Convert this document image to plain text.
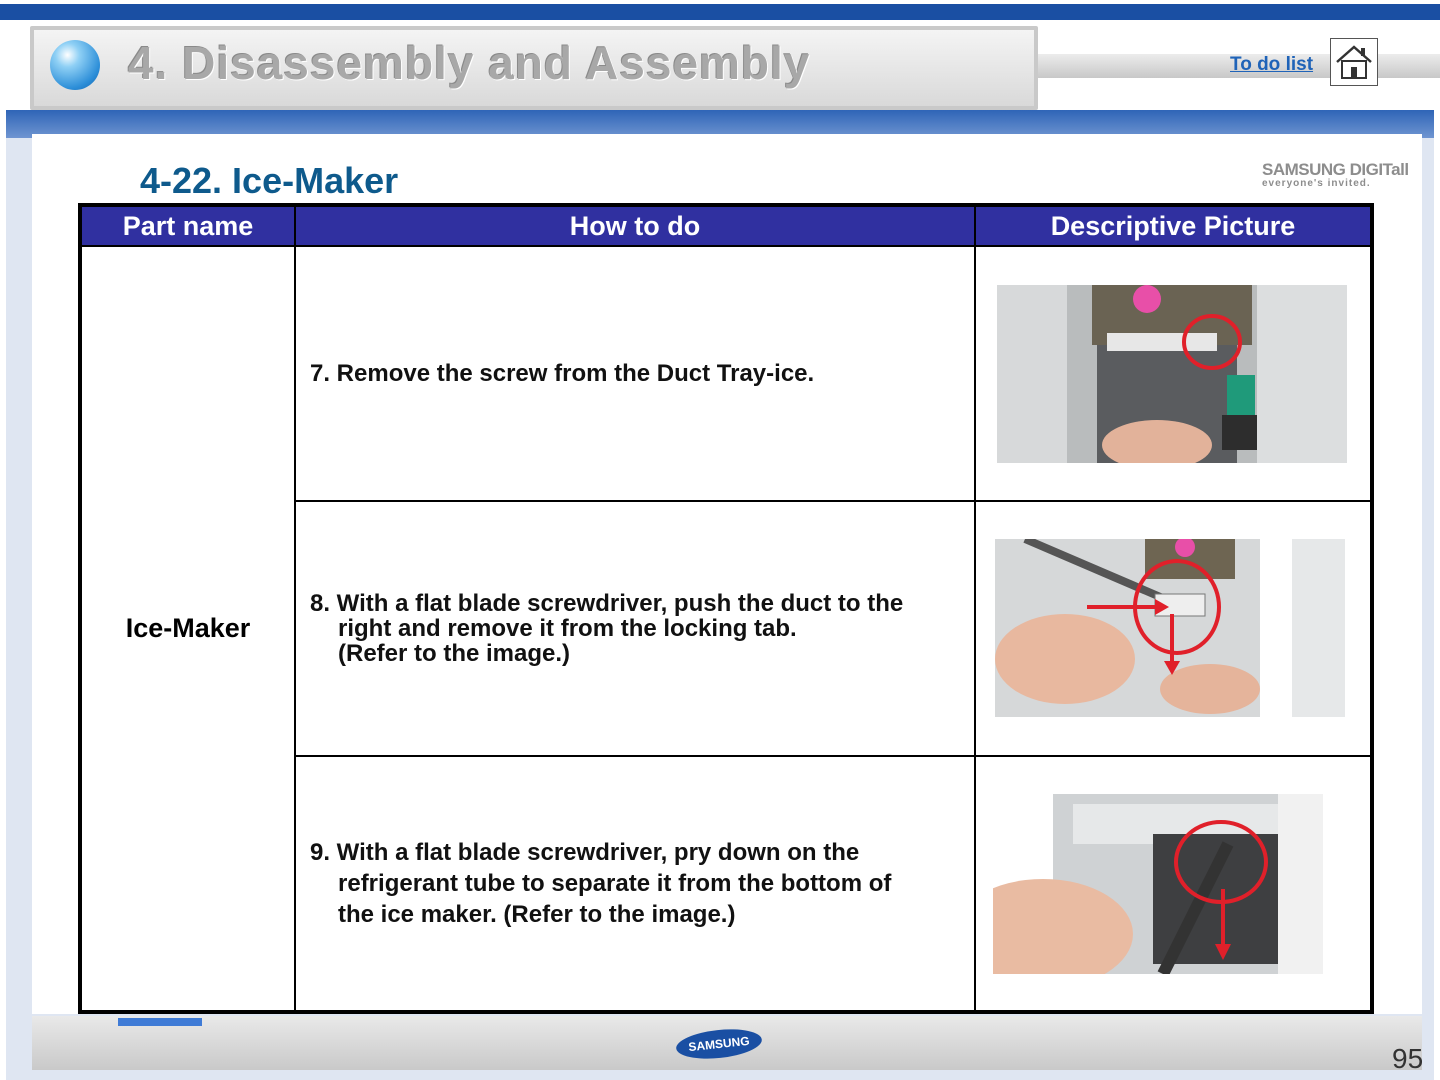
4. Disassembly and Assembly	To do list
4-22. Ice-Maker	SAMSUNG DIGITall
everyone's invited.
Part name	How to do	Descriptive Picture
Ice-Maker	7. Remove the screw from the Duct Tray-ice.

	8. With a flat blade screwdriver, push the duct to the
right and remove it from the locking tab.
(Refer to the image.)

	9. With a flat blade screwdriver, pry down on the
refrigerant tube to separate it from the bottom of
the ice maker. (Refer to the image.)

SAMSUNG	95
